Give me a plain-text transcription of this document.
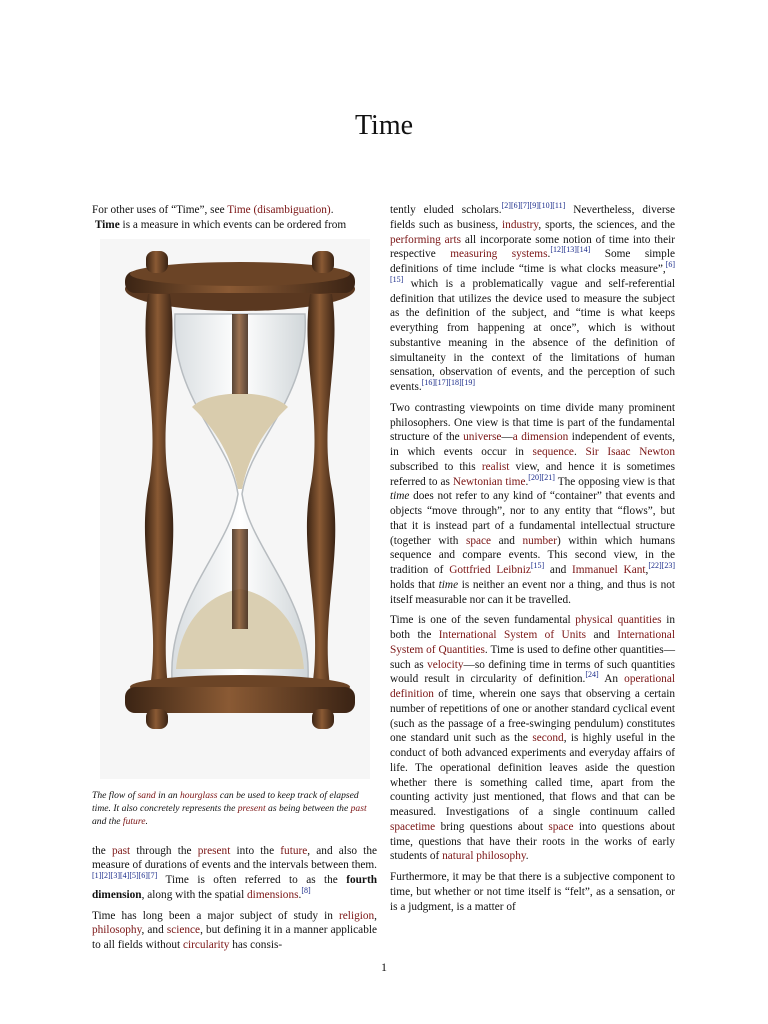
Time

For other uses of “Time”, see Time (disambiguation).

Time is a measure in which events can be ordered from

The flow of sand in an hourglass can be used to keep track of elapsed time. It also concretely represents the present as being between the past and the future.

the past through the present into the future, and also the measure of durations of events and the intervals between them.[1][2][3][4][5][6][7] Time is often referred to as the fourth dimension, along with the spatial dimensions.[8]

Time has long been a major subject of study in religion, philosophy, and science, but defining it in a manner applicable to all fields without circularity has consis-

tently eluded scholars.[2][6][7][9][10][11] Nevertheless, diverse fields such as business, industry, sports, the sciences, and the performing arts all incorporate some notion of time into their respective measuring systems.[12][13][14] Some simple definitions of time include “time is what clocks measure”,[6][15] which is a problematically vague and self-referential definition that utilizes the device used to measure the subject as the definition of the subject, and “time is what keeps everything from happening at once”, which is without substantive meaning in the absence of the definition of simultaneity in the context of the limitations of human sensation, observation of events, and the perception of such events.[16][17][18][19]

Two contrasting viewpoints on time divide many prominent philosophers. One view is that time is part of the fundamental structure of the universe—a dimension independent of events, in which events occur in sequence. Sir Isaac Newton subscribed to this realist view, and hence it is sometimes referred to as Newtonian time.[20][21] The opposing view is that time does not refer to any kind of “container” that events and objects “move through”, nor to any entity that “flows”, but that it is instead part of a fundamental intellectual structure (together with space and number) within which humans sequence and compare events. This second view, in the tradition of Gottfried Leibniz[15] and Immanuel Kant,[22][23] holds that time is neither an event nor a thing, and thus is not itself measurable nor can it be travelled.

Time is one of the seven fundamental physical quantities in both the International System of Units and International System of Quantities. Time is used to define other quantities—such as velocity—so defining time in terms of such quantities would result in circularity of definition.[24] An operational definition of time, wherein one says that observing a certain number of repetitions of one or another standard cyclical event (such as the passage of a free-swinging pendulum) constitutes one standard unit such as the second, is highly useful in the conduct of both advanced experiments and everyday affairs of life. The operational definition leaves aside the question whether there is something called time, apart from the counting activity just mentioned, that flows and that can be measured. Investigations of a single continuum called spacetime bring questions about space into questions about time, questions that have their roots in the works of early students of natural philosophy.

Furthermore, it may be that there is a subjective component to time, but whether or not time itself is “felt”, as a sensation, or is a judgment, is a matter of

1
